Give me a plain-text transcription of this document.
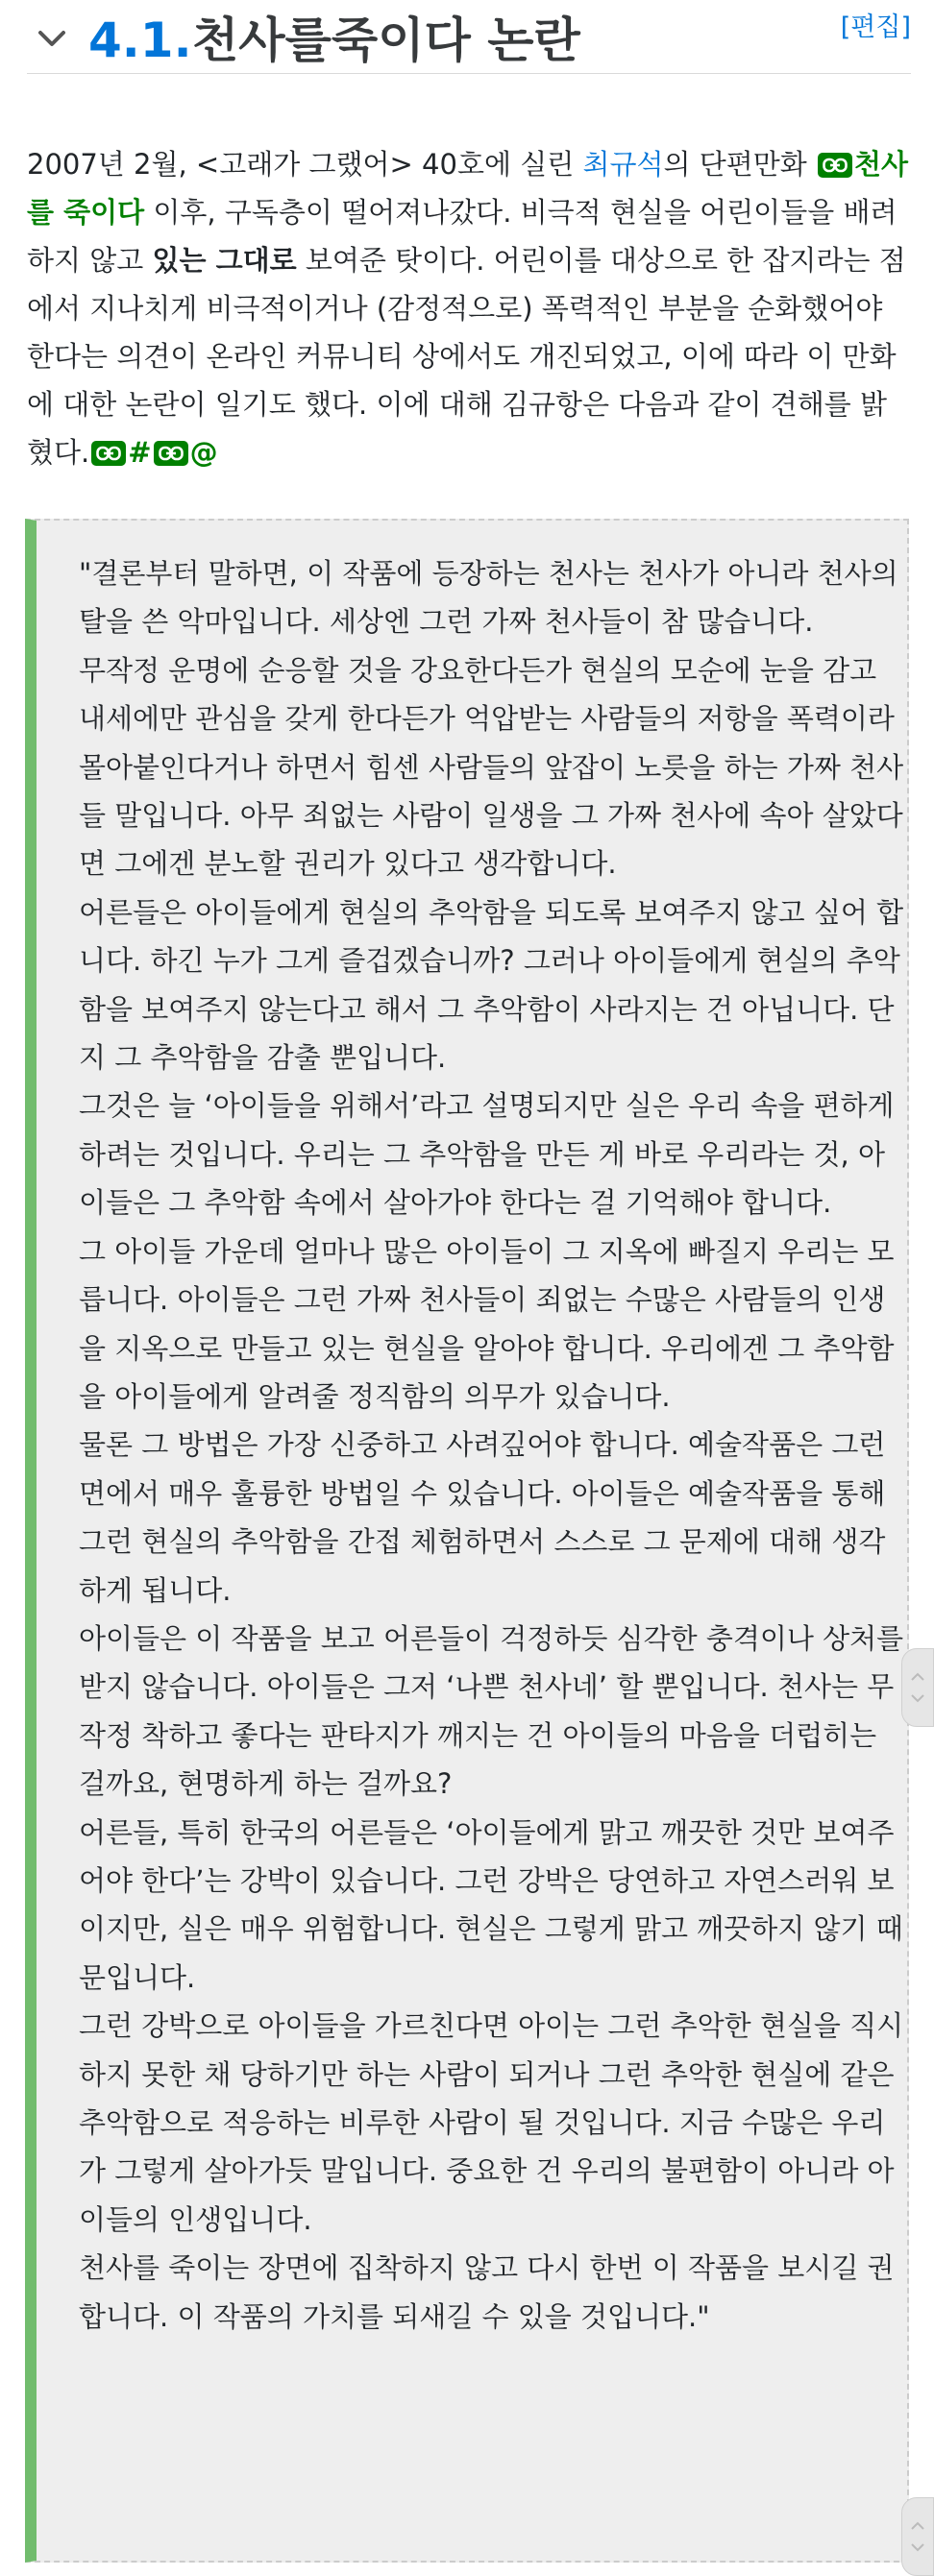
4.1. 천사를죽이다 논란	[편집]
2007년 2월, <고래가 그랬어> 40호에 실린 최규석의 단편만화
천사를 죽이다 이후, 구독층이 떨어져나갔다. 비극적 현실을 어린이들을 배려하지 않고 있는 그대로 보여준 탓이다. 어린이를 대상으로 한 잡지라는 점에서 지나치게 비극적이거나 (감정적으로) 폭력적인 부분을 순화했어야 한다는 의견이 온라인 커뮤니티 상에서도 개진되었고, 이에 따라 이 만화에 대한 논란이 일기도 했다. 이에 대해 김규항은 다음과 같이 견해를 밝혔다. # @

"결론부터 말하면, 이 작품에 등장하는 천사는 천사가 아니라 천사의 탈을 쓴 악마입니다. 세상엔 그런 가짜 천사들이 참 많습니다.

무작정 운명에 순응할 것을 강요한다든가 현실의 모순에 눈을 감고 내세에만 관심을 갖게 한다든가 억압받는 사람들의 저항을 폭력이라 몰아붙인다거나 하면서 힘센 사람들의 앞잡이 노릇을 하는 가짜 천사들 말입니다. 아무 죄없는 사람이 일생을 그 가짜 천사에 속아 살았다면 그에겐 분노할 권리가 있다고 생각합니다.

어른들은 아이들에게 현실의 추악함을 되도록 보여주지 않고 싶어 합니다. 하긴 누가 그게 즐겁겠습니까? 그러나 아이들에게 현실의 추악함을 보여주지 않는다고 해서 그 추악함이 사라지는 건 아닙니다. 단지 그 추악함을 감출 뿐입니다.

그것은 늘 ‘아이들을 위해서’라고 설명되지만 실은 우리 속을 편하게 하려는 것입니다. 우리는 그 추악함을 만든 게 바로 우리라는 것, 아이들은 그 추악함 속에서 살아가야 한다는 걸 기억해야 합니다.

그 아이들 가운데 얼마나 많은 아이들이 그 지옥에 빠질지 우리는 모릅니다. 아이들은 그런 가짜 천사들이 죄없는 수많은 사람들의 인생을 지옥으로 만들고 있는 현실을 알아야 합니다. 우리에겐 그 추악함을 아이들에게 알려줄 정직함의 의무가 있습니다.

물론 그 방법은 가장 신중하고 사려깊어야 합니다. 예술작품은 그런 면에서 매우 훌륭한 방법일 수 있습니다. 아이들은 예술작품을 통해 그런 현실의 추악함을 간접 체험하면서 스스로 그 문제에 대해 생각하게 됩니다.

아이들은 이 작품을 보고 어른들이 걱정하듯 심각한 충격이나 상처를 받지 않습니다. 아이들은 그저 ‘나쁜 천사네’ 할 뿐입니다. 천사는 무작정 착하고 좋다는 판타지가 깨지는 건 아이들의 마음을 더럽히는 걸까요, 현명하게 하는 걸까요?

어른들, 특히 한국의 어른들은 ‘아이들에게 맑고 깨끗한 것만 보여주어야 한다’는 강박이 있습니다. 그런 강박은 당연하고 자연스러워 보이지만, 실은 매우 위험합니다. 현실은 그렇게 맑고 깨끗하지 않기 때문입니다.

그런 강박으로 아이들을 가르친다면 아이는 그런 추악한 현실을 직시하지 못한 채 당하기만 하는 사람이 되거나 그런 추악한 현실에 같은 추악함으로 적응하는 비루한 사람이 될 것입니다. 지금 수많은 우리가 그렇게 살아가듯 말입니다. 중요한 건 우리의 불편함이 아니라 아이들의 인생입니다.

천사를 죽이는 장면에 집착하지 않고 다시 한번 이 작품을 보시길 권합니다. 이 작품의 가치를 되새길 수 있을 것입니다."
